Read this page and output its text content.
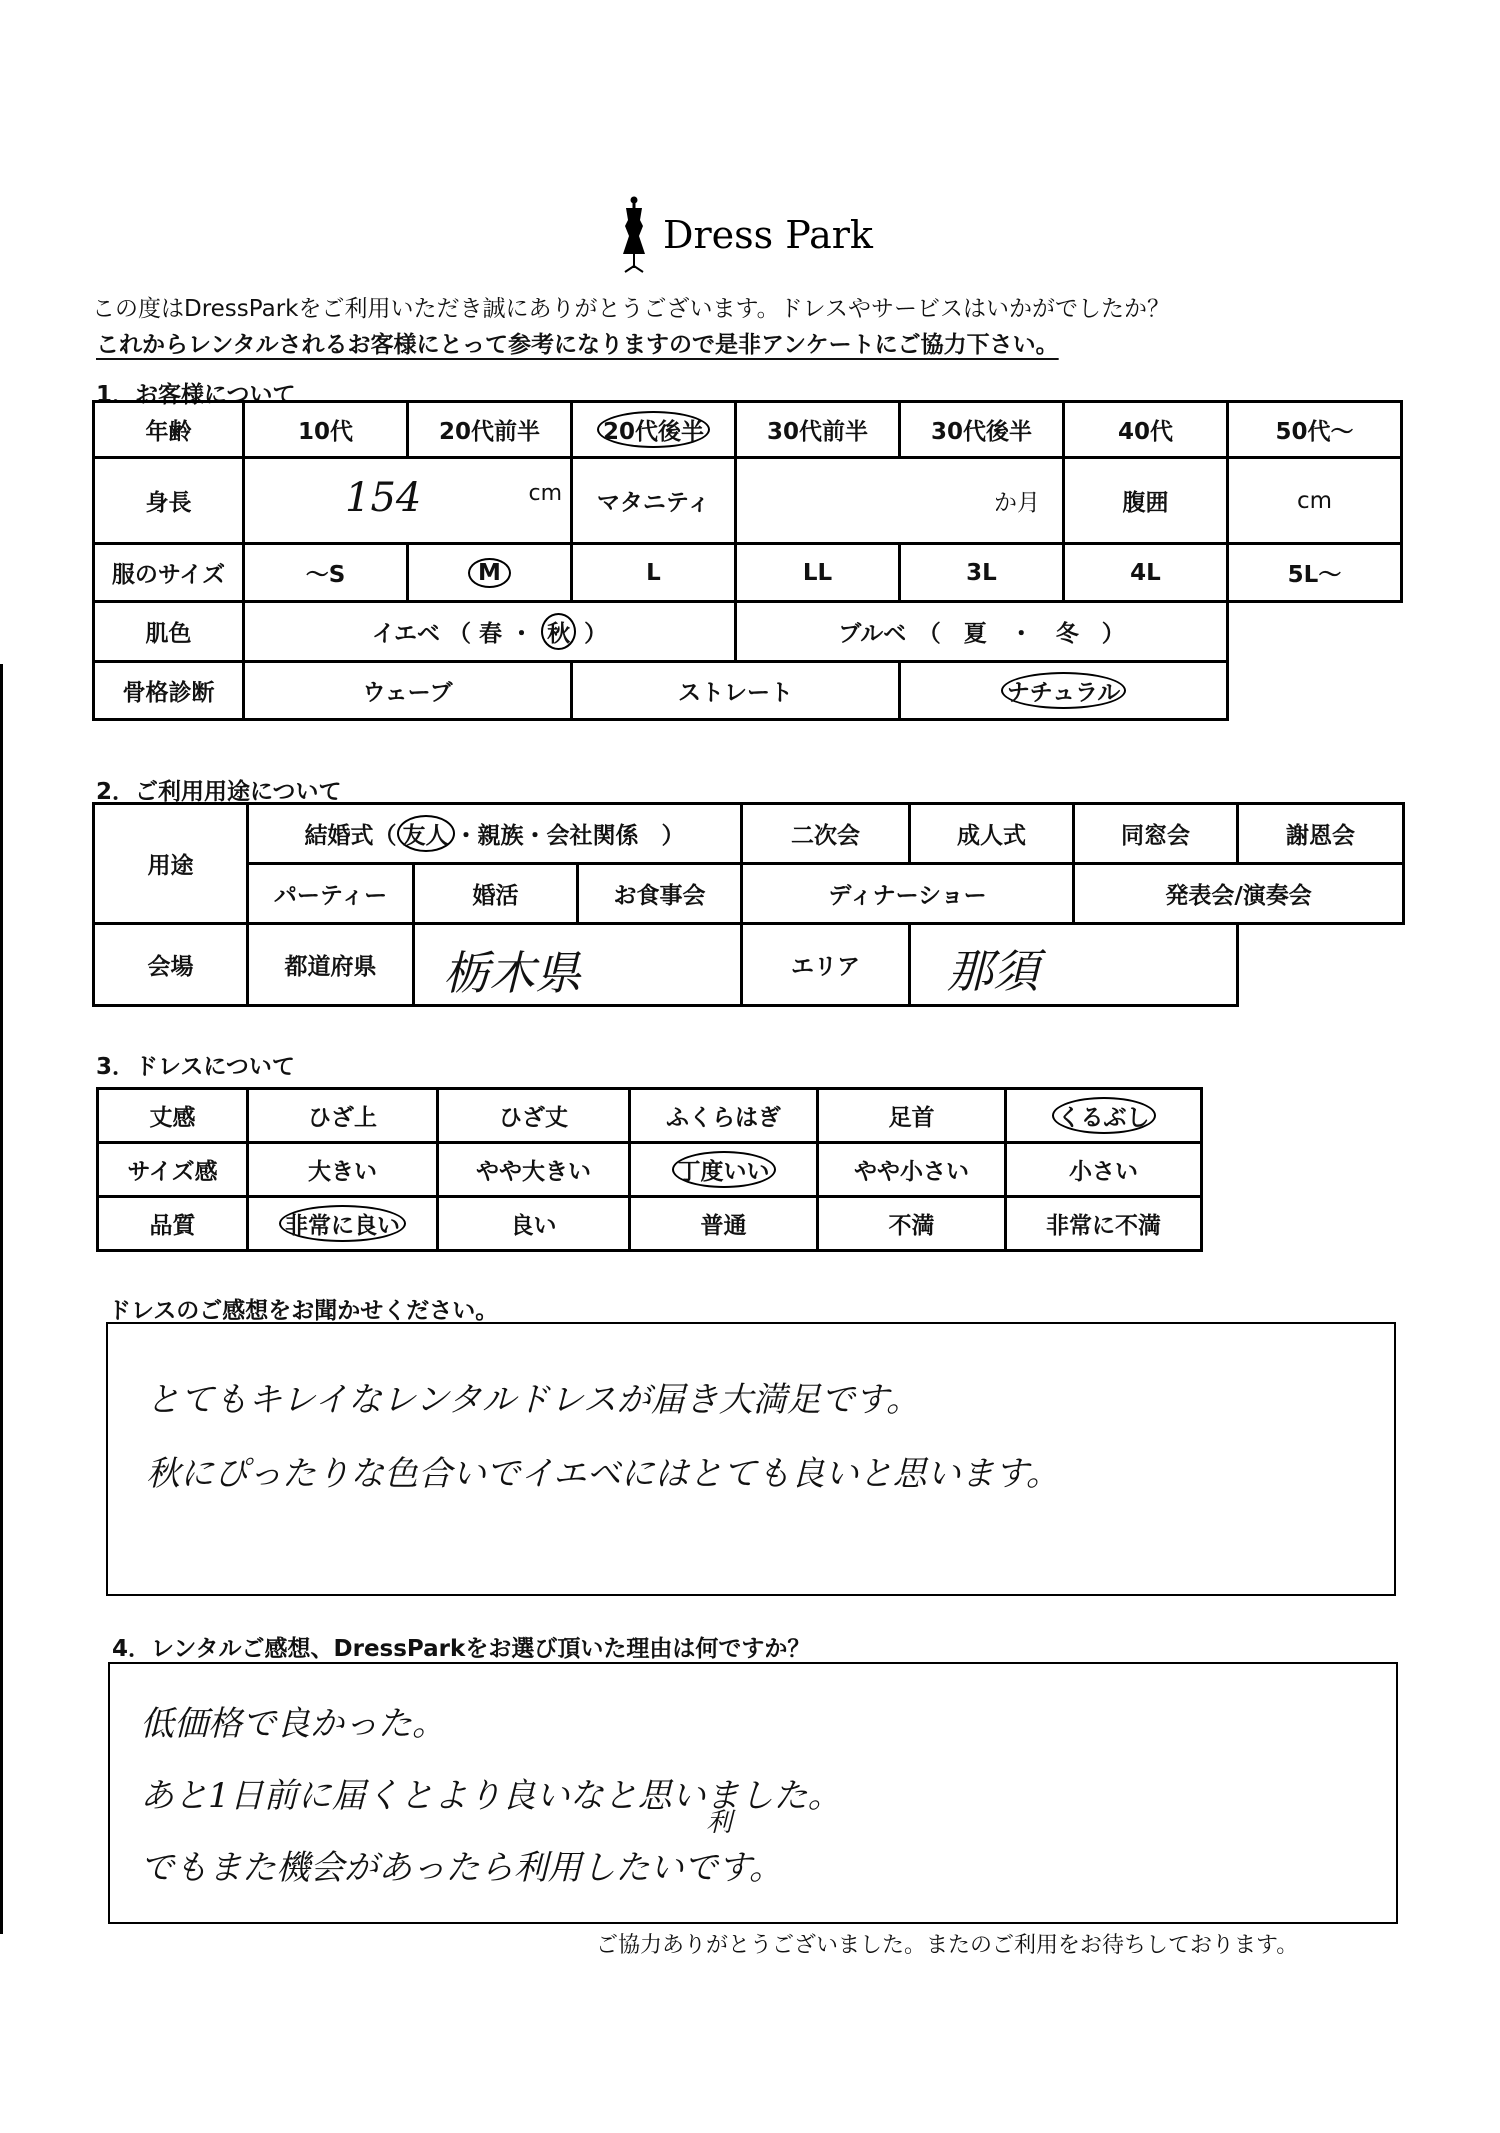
Dress Park
この度はDressParkをご利用いただき誠にありがとうございます。ドレスやサービスはいかがでしたか？
これからレンタルされるお客様にとって参考になりますので是非アンケートにご協力下さい。
1．お客様について
年齢	10代	20代前半	20代後半	30代前半	30代後半	40代	50代～
身長	154 cm		マタニティ	か月		腹囲	cm
服のサイズ	～S	M	L	LL	3L	4L	5L～
肌色	イエベ （ 春 ・ 秋 ）			ブルベ　（　夏　・　冬　）			
骨格診断	ウェーブ		ストレート		ナチュラル		
2．ご利用用途について
用途	結婚式（ 友人 ・親族・会社関係　）			二次会	成人式	同窓会	謝恩会
	パーティー	婚活	お食事会	ディナーショー		発表会/演奏会	
会場	都道府県	栃木県		エリア	那須		

3．ドレスについて
丈感	ひざ上	ひざ丈	ふくらはぎ	足首	くるぶし
サイズ感	大きい	やや大きい	丁度いい	やや小さい	小さい
品質	非常に良い	良い	普通	不満	非常に不満
ドレスのご感想をお聞かせください。
とてもキレイなレンタルドレスが届き大満足です。
秋にぴったりな色合いでイエベにはとても良いと思います。
4．レンタルご感想、DressParkをお選び頂いた理由は何ですか？
低価格で良かった。
あと1日前に届くとより良いなと思いました。
利
でもまた機会があったら利用したいです。
ご協力ありがとうございました。またのご利用をお待ちしております。
